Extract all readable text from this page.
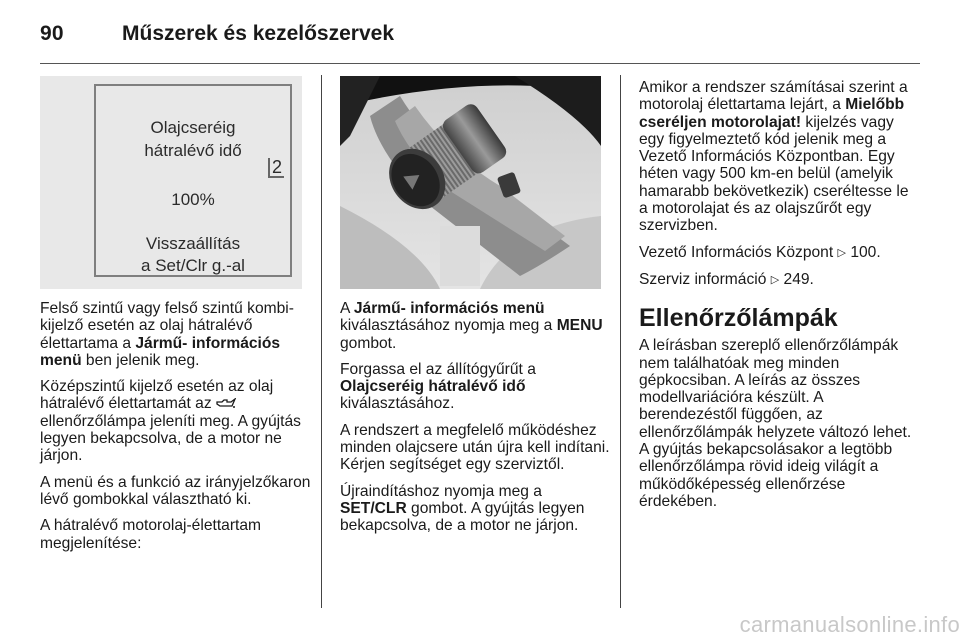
90	Műszerek és kezelőszervek
Olajcseréig
hátralévő idő
2
100%
Visszaállítás
a Set/Clr g.-al

Felső szintű vagy felső szintű kombi-kijelző esetén az olaj hátralévő élettartama a Jármű- információs menü ben jelenik meg.

Középszintű kijelző esetén az olaj hátralévő élettartamát az  ellenőrzőlámpa jeleníti meg. A gyújtás legyen bekapcsolva, de a motor ne járjon.

A menü és a funkció az irányjelzőkaron lévő gombokkal választható ki.

A hátralévő motorolaj-élettartam megjelenítése:

A Jármű- információs menü kiválasztásához nyomja meg a MENU gombot.

Forgassa el az állítógyűrűt a Olajcseréig hátralévő idő kiválasztásához.

A rendszert a megfelelő működéshez minden olajcsere után újra kell indítani. Kérjen segítséget egy szerviztől.

Újraindításhoz nyomja meg a SET/CLR gombot. A gyújtás legyen bekapcsolva, de a motor ne járjon.

Amikor a rendszer számításai szerint a motorolaj élettartama lejárt, a Mielőbb cseréljen motorolajat! kijelzés vagy egy figyelmeztető kód jelenik meg a Vezető Információs Központban. Egy héten vagy 500 km-en belül (amelyik hamarabb bekövetkezik) cseréltesse le a motorolajat és az olajszűrőt egy szervizben.

Vezető Információs Központ ▷ 100.

Szerviz információ ▷ 249.

Ellenőrzőlámpák

A leírásban szereplő ellenőrzőlámpák nem találhatóak meg minden gépkocsiban. A leírás az összes modellvariációra készült. A berendezéstől függően, az ellenőrzőlámpák helyzete változó lehet. A gyújtás bekapcsolásakor a legtöbb ellenőrzőlámpa rövid ideig világít a működőképesség ellenőrzése érdekében.

carmanualsonline.info
